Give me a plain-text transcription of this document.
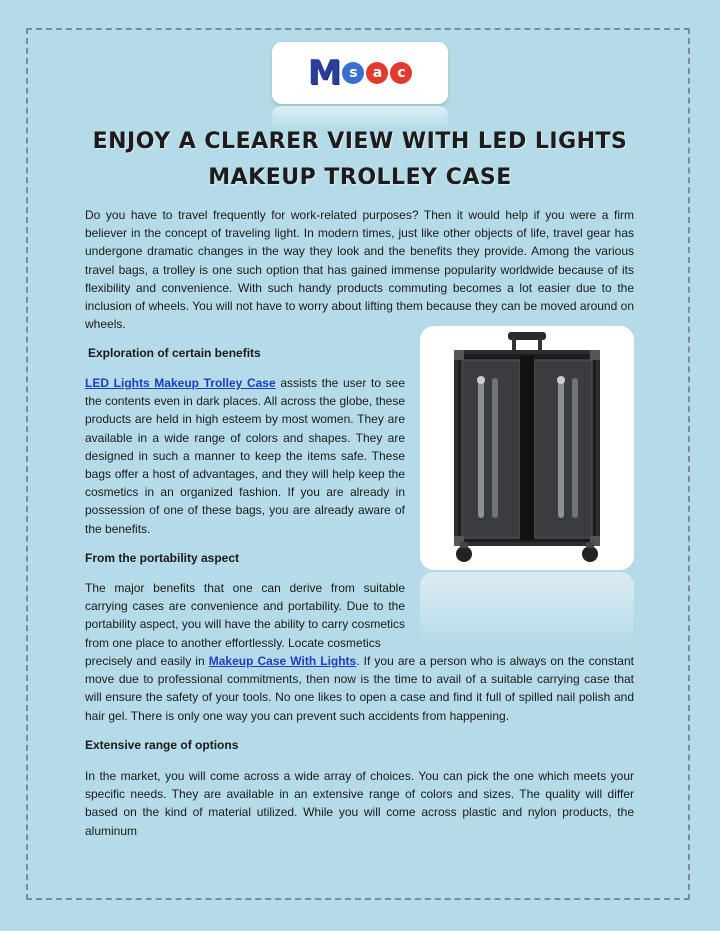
M s	a	c
ENJOY A CLEARER VIEW WITH LED LIGHTS
MAKEUP TROLLEY CASE

Do you have to travel frequently for work-related purposes? Then it would help if you were a firm believer in the concept of traveling light. In modern times, just like other objects of life, travel gear has undergone dramatic changes in the way they look and the benefits they provide. Among the various travel bags, a trolley is one such option that has gained immense popularity worldwide because of its flexibility and convenience. With such handy products commuting becomes a lot easier due to the inclusion of wheels. You will not have to worry about lifting them because they can be moved around on wheels.

Exploration of certain benefits

LED Lights Makeup Trolley Case assists the user to see the contents even in dark places. All across the globe, these products are held in high esteem by most women. They are available in a wide range of colors and shapes. They are designed in such a manner to keep the items safe. These bags offer a host of advantages, and they will help keep the cosmetics in an organized fashion. If you are already in possession of one of these bags, you are already aware of the benefits.

From the portability aspect

The major benefits that one can derive from suitable carrying cases are convenience and portability. Due to the portability aspect, you will have the ability to carry cosmetics from one place to another effortlessly. Locate cosmetics

precisely and easily in Makeup Case With Lights. If you are a person who is always on the constant move due to professional commitments, then now is the time to avail of a suitable carrying case that will ensure the safety of your tools. No one likes to open a case and find it full of spilled nail polish and hair gel. There is only one way you can prevent such accidents from happening.

Extensive range of options

In the market, you will come across a wide array of choices. You can pick the one which meets your specific needs. They are available in an extensive range of colors and sizes. The quality will differ based on the kind of material utilized. While you will come across plastic and nylon products, the aluminum
